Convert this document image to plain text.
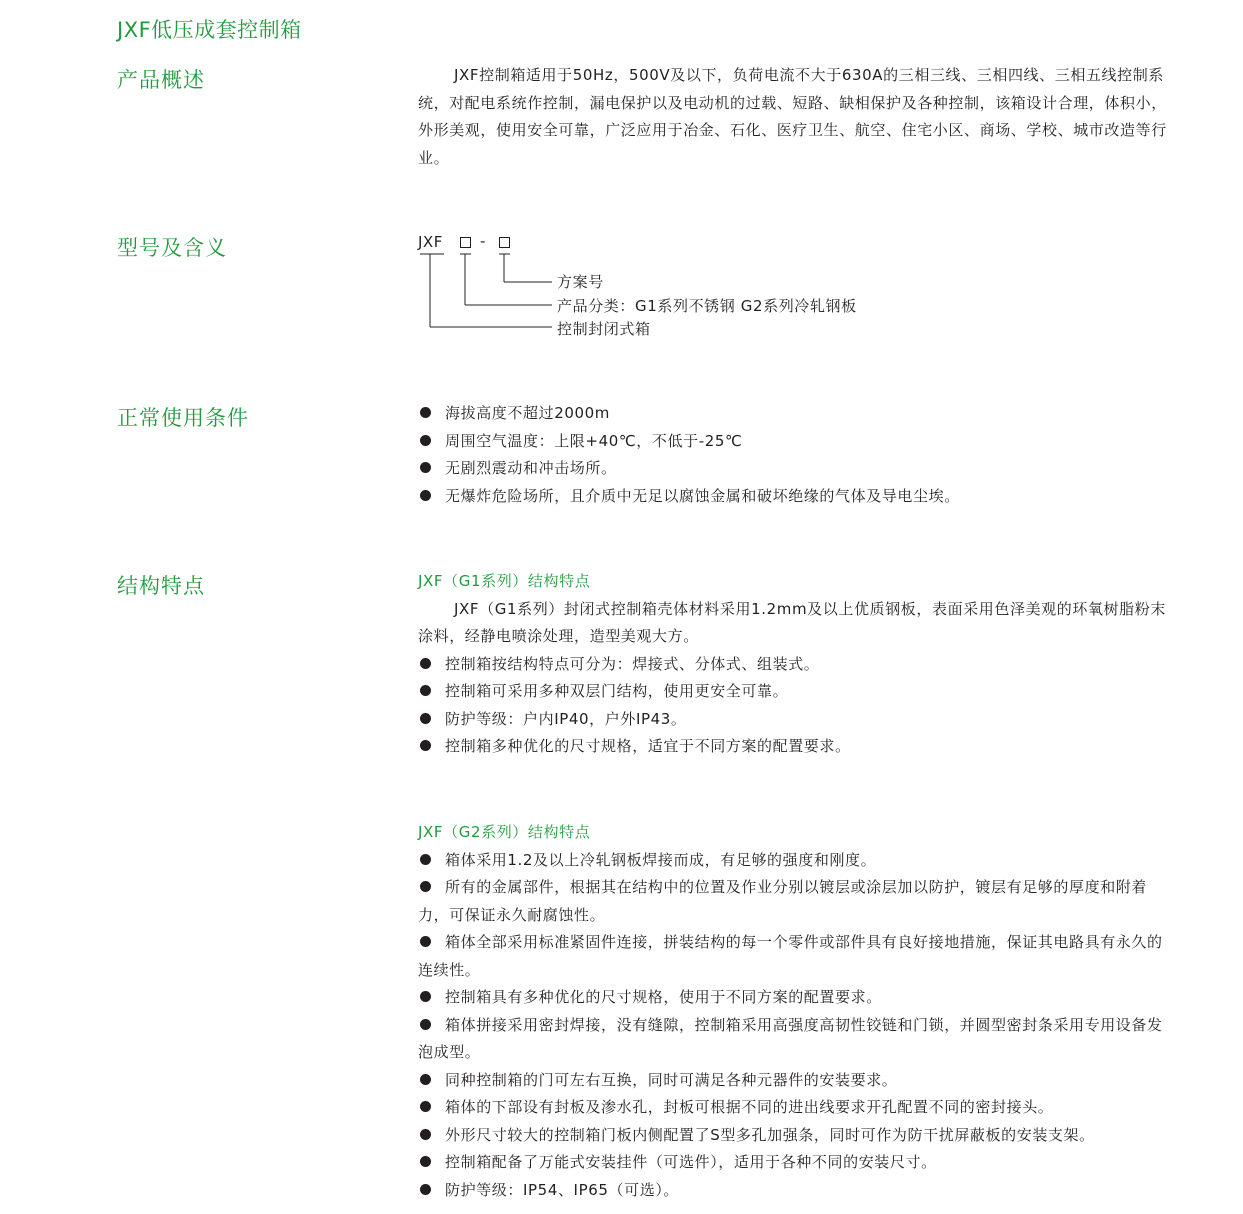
JXF低压成套控制箱
产品概述	JXF控制箱适用于50Hz，500V及以下，负荷电流不大于630A的三相三线、三相四线、三相五线控制系统，对配电系统作控制，漏电保护以及电动机的过载、短路、缺相保护及各种控制，该箱设计合理，体积小，外形美观，使用安全可靠，广泛应用于冶金、石化、医疗卫生、航空、住宅小区、商场、学校、城市改造等行业。

型号及含义	JXF -
方案号
产品分类：G1系列不锈钢 G2系列冷轧钢板
控制封闭式箱
正常使用条件	海拔高度不超过2000m
周围空气温度：上限+40℃，不低于-25℃
无剧烈震动和冲击场所。
无爆炸危险场所，且介质中无足以腐蚀金属和破坏绝缘的气体及导电尘埃。
结构特点	JXF（G1系列）结构特点

JXF（G1系列）封闭式控制箱壳体材料采用1.2mm及以上优质钢板，表面采用色泽美观的环氧树脂粉末涂料，经静电喷涂处理，造型美观大方。

控制箱按结构特点可分为：焊接式、分体式、组装式。
控制箱可采用多种双层门结构，使用更安全可靠。
防护等级：户内IP40，户外IP43。
控制箱多种优化的尺寸规格，适宜于不同方案的配置要求。

JXF（G2系列）结构特点

箱体采用1.2及以上冷轧钢板焊接而成，有足够的强度和刚度。
所有的金属部件，根据其在结构中的位置及作业分别以镀层或涂层加以防护，镀层有足够的厚度和附着力，可保证永久耐腐蚀性。
箱体全部采用标准紧固件连接，拼装结构的每一个零件或部件具有良好接地措施，保证其电路具有永久的连续性。
控制箱具有多种优化的尺寸规格，使用于不同方案的配置要求。
箱体拼接采用密封焊接，没有缝隙，控制箱采用高强度高韧性铰链和门锁，并圆型密封条采用专用设备发泡成型。
同种控制箱的门可左右互换，同时可满足各种元器件的安装要求。
箱体的下部设有封板及渗水孔，封板可根据不同的进出线要求开孔配置不同的密封接头。
外形尺寸较大的控制箱门板内侧配置了S型多孔加强条，同时可作为防干扰屏蔽板的安装支架。
控制箱配备了万能式安装挂件（可选件），适用于各种不同的安装尺寸。
防护等级：IP54、IP65（可选）。
